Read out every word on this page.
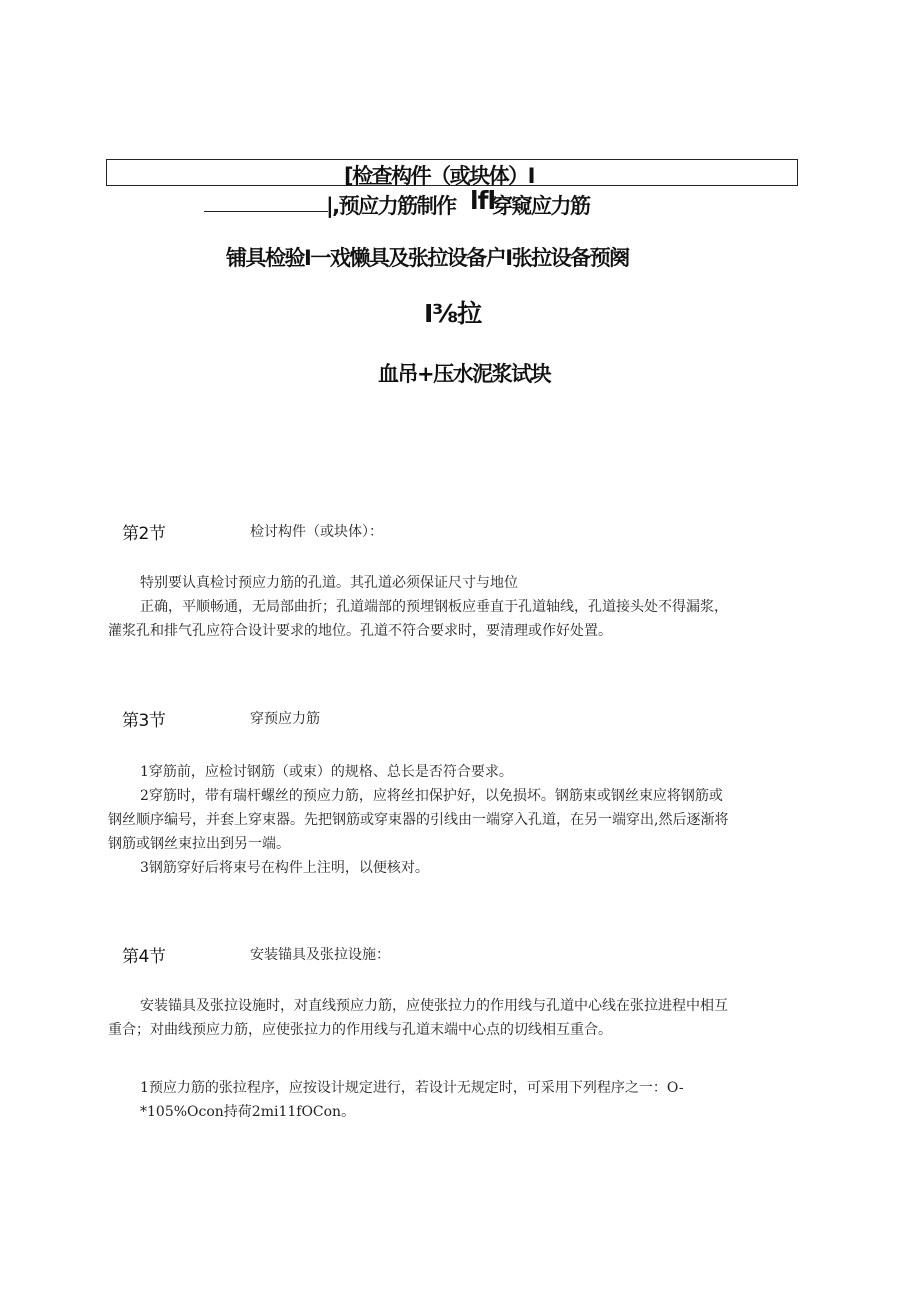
[检查构件（或块体）I
|,预应力筋制作 lfl
穿窥应力筋
铺具检验I一戏懒具及张拉设备户I张拉设备预阕
I⅜拉
血吊+压水泥浆试块
第2节	检讨构件（或块体）：
特别要认真检讨预应力筋的孔道。其孔道必须保证尺寸与地位
正确，平顺畅通，无局部曲折；孔道端部的预埋钢板应垂直于孔道轴线，孔道接头处不得漏浆，
灌浆孔和排气孔应符合设计要求的地位。孔道不符合要求时，要清理或作好处置。
第3节	穿预应力筋
1穿筋前，应检讨钢筋（或束）的规格、总长是否符合要求。
2穿筋时，带有瑞杆螺丝的预应力筋，应将丝扣保护好，以免损坏。钢筋束或钢丝束应将钢筋或
钢丝顺序编号，并套上穿束器。先把钢筋或穿束器的引线由一端穿入孔道，在另一端穿出,然后逐渐将
钢筋或钢丝束拉出到另一端。
3钢筋穿好后将束号在构件上注明，以便核对。
第4节	安装锚具及张拉设施：
安装锚具及张拉设施时，对直线预应力筋，应使张拉力的作用线与孔道中心线在张拉进程中相互
重合；对曲线预应力筋，应使张拉力的作用线与孔道末端中心点的切线相互重合。
1预应力筋的张拉程序，应按设计规定进行，若设计无规定时，可采用下列程序之一：O-
*105%Ocon持荷2mi11fOCon。
